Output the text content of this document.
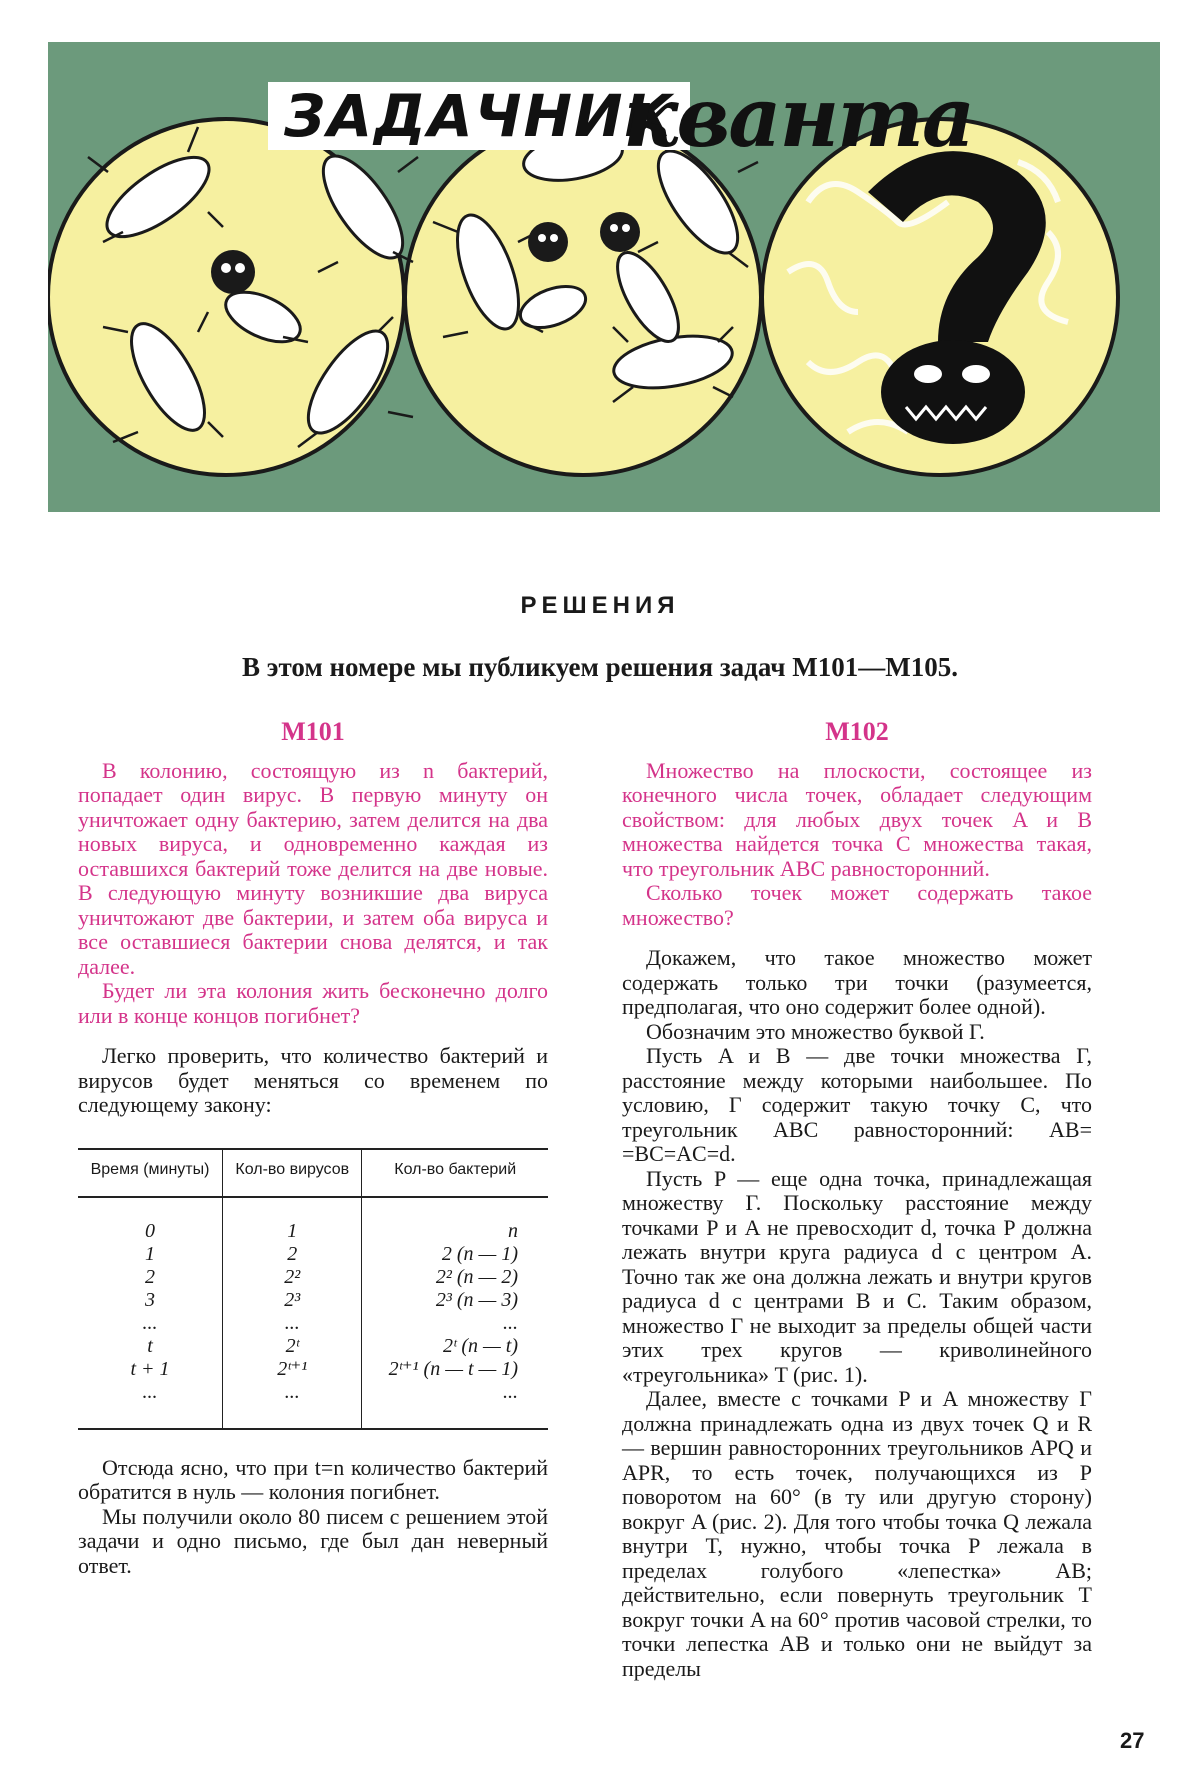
ЗАДАЧНИК
кванта
РЕШЕНИЯ
В этом номере мы публикуем решения задач М101—М105.
М101

В колонию, состоящую из n бактерий, попадает один вирус. В первую минуту он уничтожает одну бактерию, затем делится на два новых вируса, и одновременно каждая из оставшихся бактерий тоже делится на две новые. В следующую минуту возникшие два вируса уничтожают две бактерии, и затем оба вируса и все оставшиеся бактерии снова делятся, и так далее.

Будет ли эта колония жить бесконечно долго или в конце концов погибнет?

Легко проверить, что количество бактерий и вирусов будет меняться со временем по следующему закону:

Время (минуты)	Кол-во вирусов	Кол-во бактерий
0	1	n
1	2	2 (n — 1)
2	2²	2² (n — 2)
3	2³	2³ (n — 3)
...	...	...
t	2ᵗ	2ᵗ (n — t)
t + 1	2ᵗ⁺¹	2ᵗ⁺¹ (n — t — 1)
...	...	...

Отсюда ясно, что при t=n количество бактерий обратится в нуль — колония погибнет.

Мы получили около 80 писем с решением этой задачи и одно письмо, где был дан неверный ответ.

М102

Множество на плоскости, состоящее из конечного числа точек, обладает следующим свойством: для любых двух точек A и B множества найдется точка C множества такая, что треугольник ABC равносторонний.

Сколько точек может содержать такое множество?

Докажем, что такое множество может содержать только три точки (разумеется, предполагая, что оно содержит более одной).

Обозначим это множество буквой Г.

Пусть A и B — две точки множества Г, расстояние между которыми наибольшее. По условию, Г содержит такую точку C, что треугольник ABC равносторонний: AB= =BC=AC=d.

Пусть P — еще одна точка, принадлежащая множеству Г. Поскольку расстояние между точками P и A не превосходит d, точка P должна лежать внутри круга радиуса d с центром A. Точно так же она должна лежать и внутри кругов радиуса d с центрами B и C. Таким образом, множество Г не выходит за пределы общей части этих трех кругов — криволинейного «треугольника» T (рис. 1).

Далее, вместе с точками P и A множеству Г должна принадлежать одна из двух точек Q и R — вершин равносторонних треугольников APQ и APR, то есть точек, получающихся из P поворотом на 60° (в ту или другую сторону) вокруг A (рис. 2). Для того чтобы точка Q лежала внутри T, нужно, чтобы точка P лежала в пределах голубого «лепестка» AB; действительно, если повернуть треугольник T вокруг точки A на 60° против часовой стрелки, то точки лепестка AB и только они не выйдут за пределы

27
